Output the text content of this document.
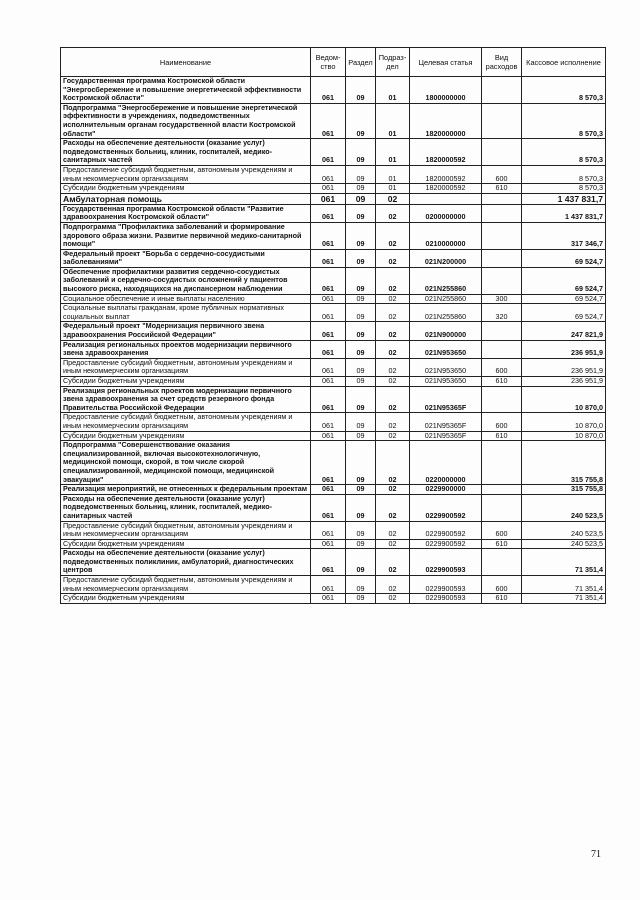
Наименование	Ведом-ство	Раздел	Подраз-дел	Целевая статья	Вид расходов	Кассовое исполнение
Государственная программа Костромской области "Энергосбережение и повышение энергетической эффективности Костромской области"	061	09	01	1800000000		8 570,3
Подпрограмма "Энергосбережение и повышение энергетической эффективности в учреждениях, подведомственных исполнительным органам государственной власти Костромской области"	061	09	01	1820000000		8 570,3
Расходы на обеспечение деятельности (оказание услуг) подведомственных больниц, клиник, госпиталей, медико-санитарных частей	061	09	01	1820000592		8 570,3
Предоставление субсидий бюджетным, автономным учреждениям и иным некоммерческим организациям	061	09	01	1820000592	600	8 570,3
Субсидии бюджетным учреждениям	061	09	01	1820000592	610	8 570,3
Амбулаторная помощь	061	09	02			1 437 831,7
Государственная программа Костромской области "Развитие здравоохранения Костромской области"	061	09	02	0200000000		1 437 831,7
Подпрограмма "Профилактика заболеваний и формирование здорового образа жизни. Развитие первичной медико-санитарной помощи"	061	09	02	0210000000		317 346,7
Федеральный проект "Борьба с сердечно-сосудистыми заболеваниями"	061	09	02	021N200000		69 524,7
Обеспечение профилактики развития сердечно-сосудистых заболеваний и сердечно-сосудистых осложнений у пациентов высокого риска, находящихся на диспансерном наблюдении	061	09	02	021N255860		69 524,7
Социальное обеспечение и иные выплаты населению	061	09	02	021N255860	300	69 524,7
Социальные выплаты гражданам, кроме публичных нормативных социальных выплат	061	09	02	021N255860	320	69 524,7
Федеральный проект "Модернизация первичного звена здравоохранения Российской Федерации"	061	09	02	021N900000		247 821,9
Реализация региональных проектов модернизации первичного звена здравоохранения	061	09	02	021N953650		236 951,9
Предоставление субсидий бюджетным, автономным учреждениям и иным некоммерческим организациям	061	09	02	021N953650	600	236 951,9
Субсидии бюджетным учреждениям	061	09	02	021N953650	610	236 951,9
Реализация региональных проектов модернизации первичного звена здравоохранения за счет средств резервного фонда Правительства Российской Федерации	061	09	02	021N95365F		10 870,0
Предоставление субсидий бюджетным, автономным учреждениям и иным некоммерческим организациям	061	09	02	021N95365F	600	10 870,0
Субсидии бюджетным учреждениям	061	09	02	021N95365F	610	10 870,0
Подпрограмма "Совершенствование оказания специализированной, включая высокотехнологичную, медицинской помощи, скорой, в том числе скорой специализированной, медицинской помощи, медицинской эвакуации"	061	09	02	0220000000		315 755,8
Реализация мероприятий, не отнесенных к федеральным проектам	061	09	02	0229900000		315 755,8
Расходы на обеспечение деятельности (оказание услуг) подведомственных больниц, клиник, госпиталей, медико-санитарных частей	061	09	02	0229900592		240 523,5
Предоставление субсидий бюджетным, автономным учреждениям и иным некоммерческим организациям	061	09	02	0229900592	600	240 523,5
Субсидии бюджетным учреждениям	061	09	02	0229900592	610	240 523,5
Расходы на обеспечение деятельности (оказание услуг) подведомственных поликлиник, амбулаторий, диагностических центров	061	09	02	0229900593		71 351,4
Предоставление субсидий бюджетным, автономным учреждениям и иным некоммерческим организациям	061	09	02	0229900593	600	71 351,4
Субсидии бюджетным учреждениям	061	09	02	0229900593	610	71 351,4
71
